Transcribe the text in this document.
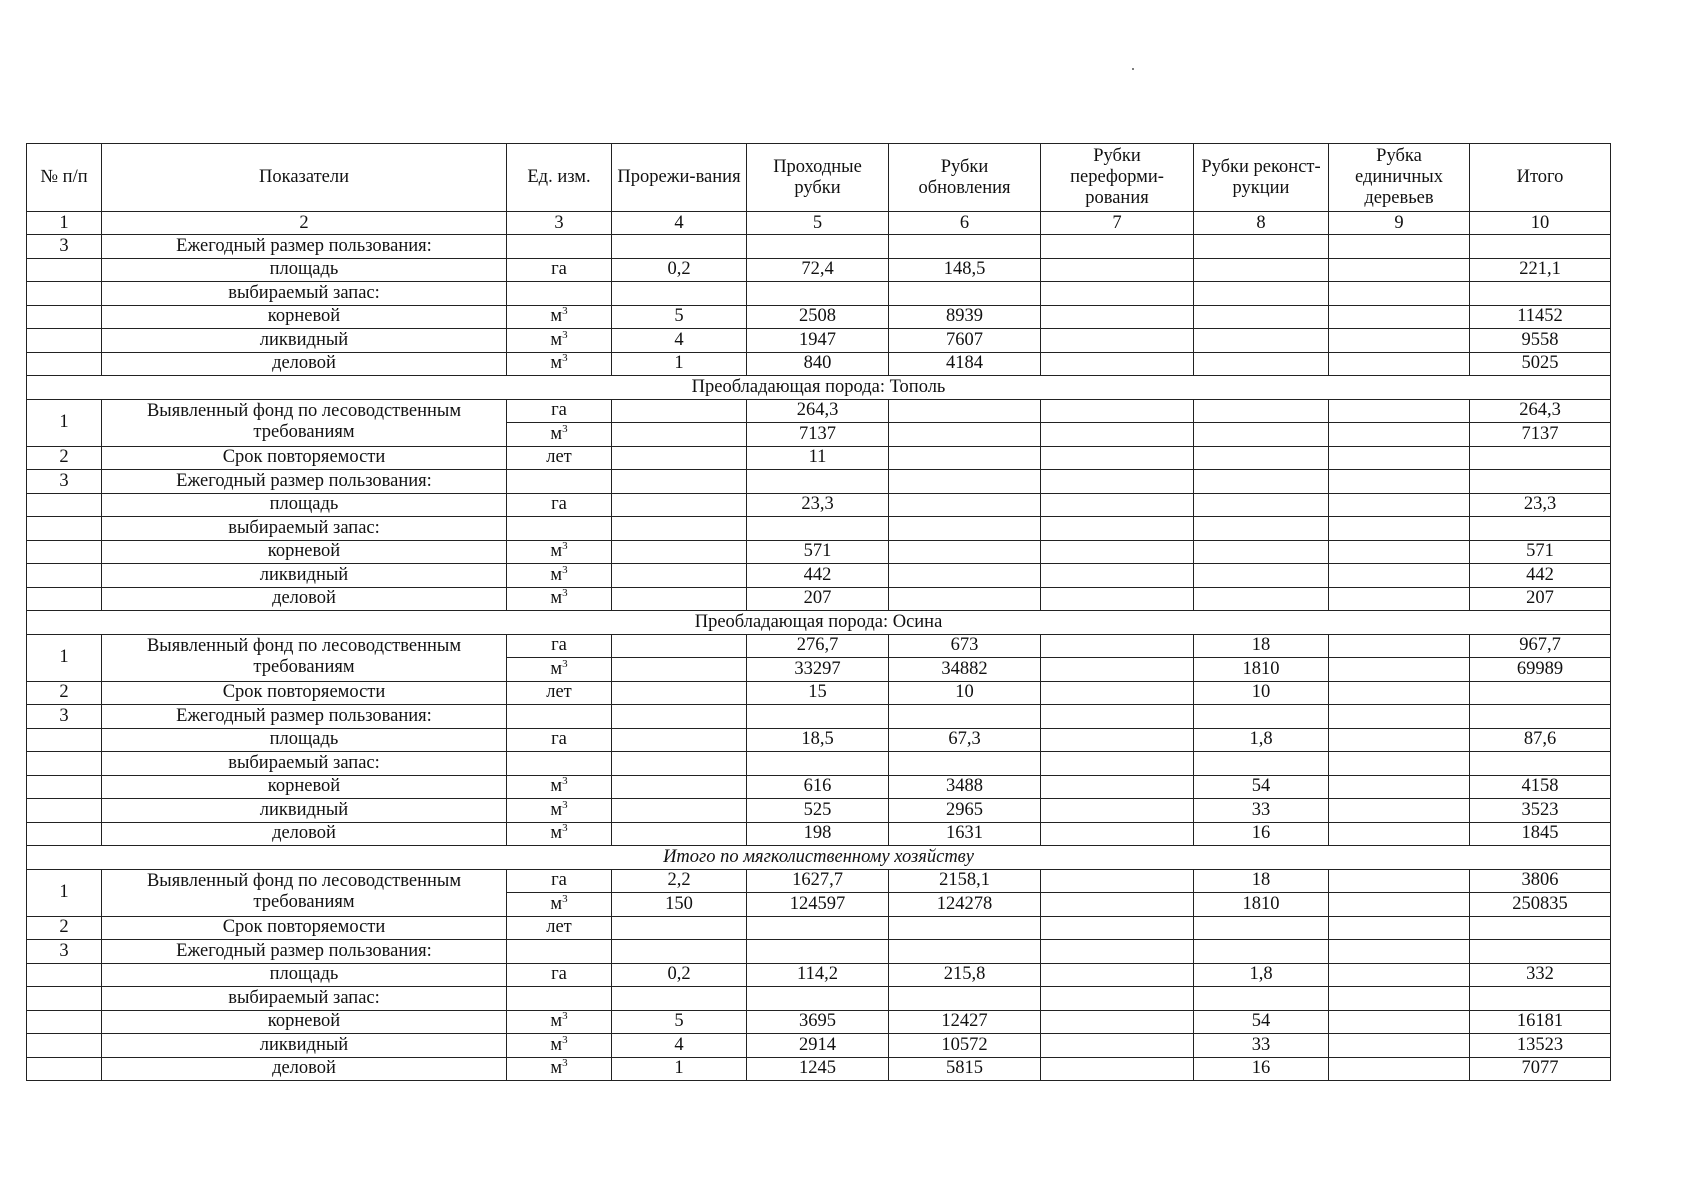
№ п/п	Показатели	Ед. изм.	Прорежи-вания	Проходные рубки	Рубки обновления	Рубки переформи-рования	Рубки реконст-рукции	Рубка единичных деревьев	Итого
1	2	3	4	5	6	7	8	9	10
3	Ежегодный размер пользования:								
	площадь	га	0,2	72,4	148,5				221,1
	выбираемый запас:								
	корневой	$м^3$	5	2508	8939				11452
	ликвидный	$м^3$	4	1947	7607				9558
	деловой	$м^3$	1	840	4184				5025
Преобладающая порода: Тополь									
1	Выявленный фонд по лесоводственным требованиям	га		264,3					264,3
		$м^3$		7137					7137
2	Срок повторяемости	лет		11					
3	Ежегодный размер пользования:								
	площадь	га		23,3					23,3
	выбираемый запас:								
	корневой	$м^3$		571					571
	ликвидный	$м^3$		442					442
	деловой	$м^3$		207					207
Преобладающая порода: Осина									
1	Выявленный фонд по лесоводственным требованиям	га		276,7	673		18		967,7
		$м^3$		33297	34882		1810		69989
2	Срок повторяемости	лет		15	10		10		
3	Ежегодный размер пользования:								
	площадь	га		18,5	67,3		1,8		87,6
	выбираемый запас:								
	корневой	$м^3$		616	3488		54		4158
	ликвидный	$м^3$		525	2965		33		3523
	деловой	$м^3$		198	1631		16		1845
Итого по мягколиственному хозяйству									
1	Выявленный фонд по лесоводственным требованиям	га	2,2	1627,7	2158,1		18		3806
		$м^3$	150	124597	124278		1810		250835
2	Срок повторяемости	лет							
3	Ежегодный размер пользования:								
	площадь	га	0,2	114,2	215,8		1,8		332
	выбираемый запас:								
	корневой	$м^3$	5	3695	12427		54		16181
	ликвидный	$м^3$	4	2914	10572		33		13523
	деловой	$м^3$	1	1245	5815		16		7077
